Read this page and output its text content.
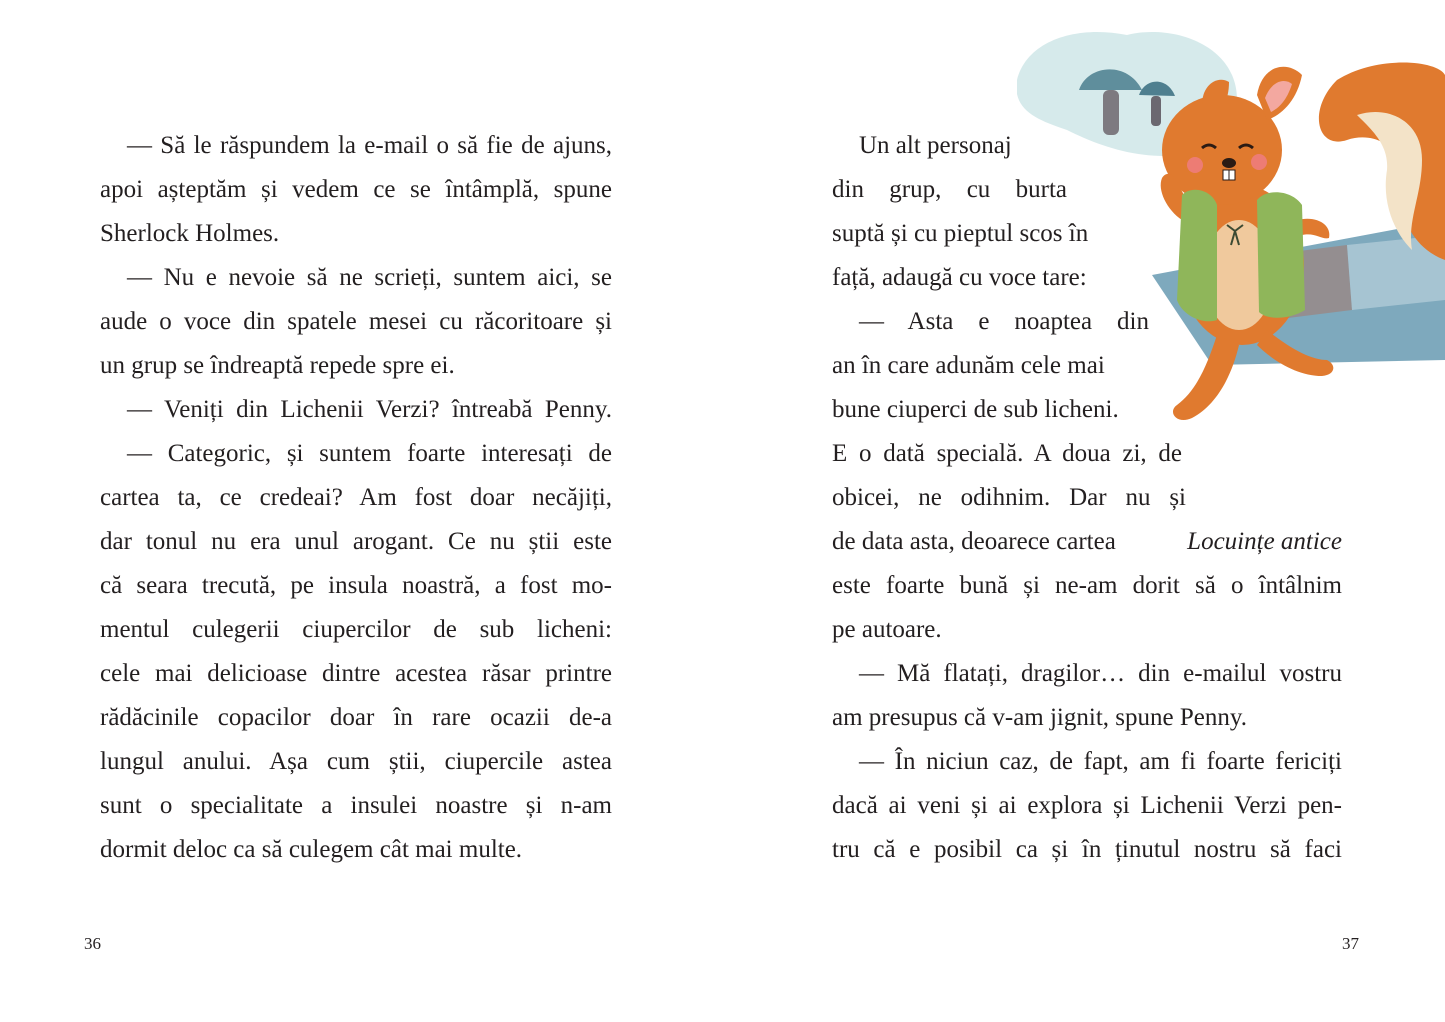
— Să le răspundem la e-mail o să fie de ajuns,

apoi așteptăm și vedem ce se întâmplă, spune

Sherlock Holmes.

— Nu e nevoie să ne scrieți, suntem aici, se

aude o voce din spatele mesei cu răcoritoare și

un grup se îndreaptă repede spre ei.

— Veniți din Lichenii Verzi? întreabă Penny.

— Categoric, și suntem foarte interesați de

cartea ta, ce credeai? Am fost doar necăjiți,

dar tonul nu era unul arogant. Ce nu știi este

că seara trecută, pe insula noastră, a fost mo-

mentul culegerii ciupercilor de sub licheni:

cele mai delicioase dintre acestea răsar printre

rădăcinile copacilor doar în rare ocazii de-a

lungul anului. Așa cum știi, ciupercile astea

sunt o specialitate a insulei noastre și n-am

dormit deloc ca să culegem cât mai multe.

36

Un alt personaj

din grup, cu burta

suptă și cu pieptul scos în

față, adaugă cu voce tare:

— Asta e noaptea din

an în care adunăm cele mai

bune ciuperci de sub licheni.

E o dată specială. A doua zi, de

obicei, ne odihnim. Dar nu și

de data asta, deoarece cartea	Locuințe antice

este foarte bună și ne-am dorit să o întâlnim

pe autoare.

— Mă flatați, dragilor… din e-mailul vostru

am presupus că v-am jignit, spune Penny.

— În niciun caz, de fapt, am fi foarte fericiți

dacă ai veni și ai explora și Lichenii Verzi pen-

tru că e posibil ca și în ținutul nostru să faci

37
